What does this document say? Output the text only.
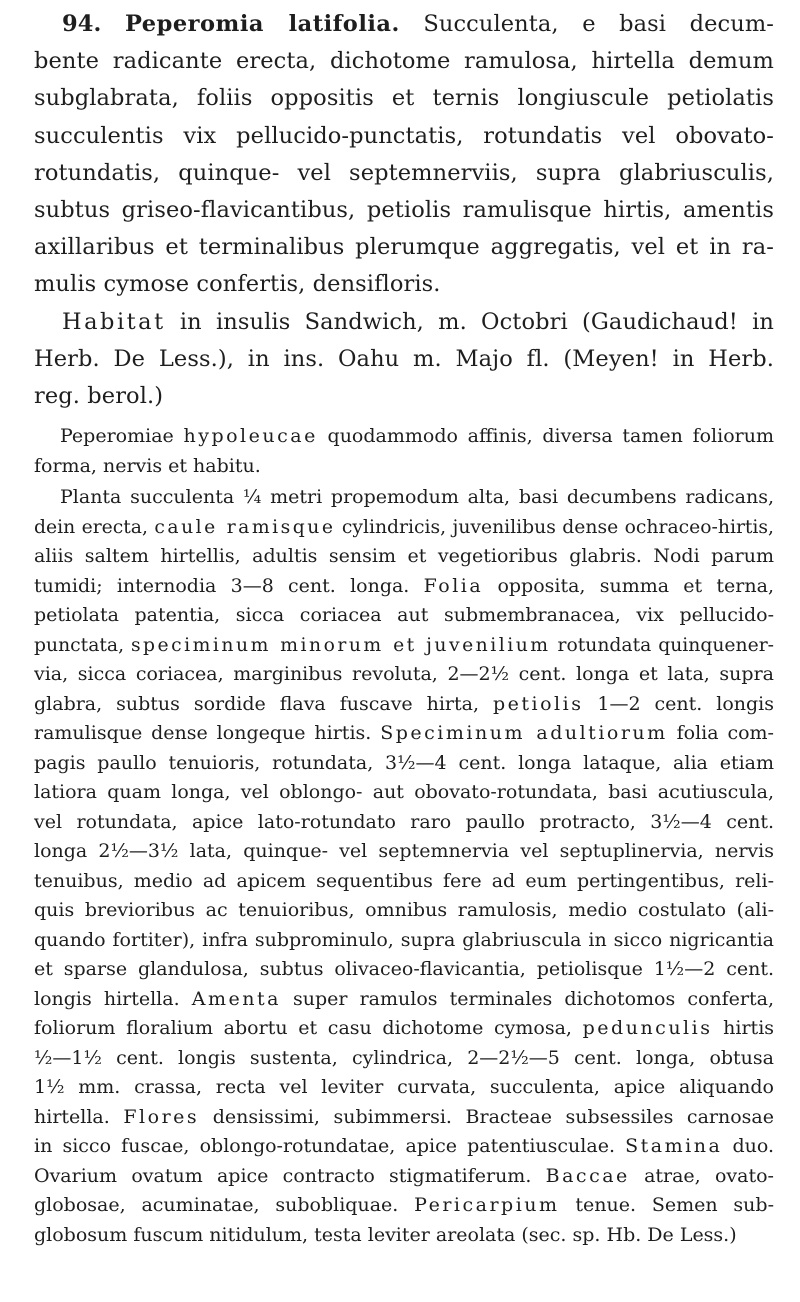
94. Peperomia latifolia. Succulenta, e basi decum-
bente radicante erecta, dichotome ramulosa, hirtella demum
subglabrata, foliis oppositis et ternis longiuscule petiolatis
succulentis vix pellucido-punctatis, rotundatis vel obovato-
rotundatis, quinque- vel septemnerviis, supra glabriusculis,
subtus griseo-flavicantibus, petiolis ramulisque hirtis, amentis
axillaribus et terminalibus plerumque aggregatis, vel et in ra-
mulis cymose confertis, densifloris.
Habitat in insulis Sandwich, m. Octobri (Gaudichaud! in
Herb. De Less.), in ins. Oahu m. Majo fl. (Meyen! in Herb.
reg. berol.)
Peperomiae hypoleucae quodammodo affinis, diversa tamen foliorum
forma, nervis et habitu.
Planta succulenta ¼ metri propemodum alta, basi decumbens radicans,
dein erecta, caule ramisque cylindricis, juvenilibus dense ochraceo-hirtis,
aliis saltem hirtellis, adultis sensim et vegetioribus glabris. Nodi parum
tumidi; internodia 3—8 cent. longa. Folia opposita, summa et terna,
petiolata patentia, sicca coriacea aut submembranacea, vix pellucido-
punctata, speciminum minorum et juvenilium rotundata quinquener-
via, sicca coriacea, marginibus revoluta, 2—2½ cent. longa et lata, supra
glabra, subtus sordide flava fuscave hirta, petiolis 1—2 cent. longis
ramulisque dense longeque hirtis. Speciminum adultiorum folia com-
pagis paullo tenuioris, rotundata, 3½—4 cent. longa lataque, alia etiam
latiora quam longa, vel oblongo- aut obovato-rotundata, basi acutiuscula,
vel rotundata, apice lato-rotundato raro paullo protracto, 3½—4 cent.
longa 2½—3½ lata, quinque- vel septemnervia vel septuplinervia, nervis
tenuibus, medio ad apicem sequentibus fere ad eum pertingentibus, reli-
quis brevioribus ac tenuioribus, omnibus ramulosis, medio costulato (ali-
quando fortiter), infra subprominulo, supra glabriuscula in sicco nigricantia
et sparse glandulosa, subtus olivaceo-flavicantia, petiolisque 1½—2 cent.
longis hirtella. Amenta super ramulos terminales dichotomos conferta,
foliorum floralium abortu et casu dichotome cymosa, pedunculis hirtis
½—1½ cent. longis sustenta, cylindrica, 2—2½—5 cent. longa, obtusa
1½ mm. crassa, recta vel leviter curvata, succulenta, apice aliquando
hirtella. Flores densissimi, subimmersi. Bracteae subsessiles carnosae
in sicco fuscae, oblongo-rotundatae, apice patentiusculae. Stamina duo.
Ovarium ovatum apice contracto stigmatiferum. Baccae atrae, ovato-
globosae, acuminatae, subobliquae. Pericarpium tenue. Semen sub-
globosum fuscum nitidulum, testa leviter areolata (sec. sp. Hb. De Less.)
